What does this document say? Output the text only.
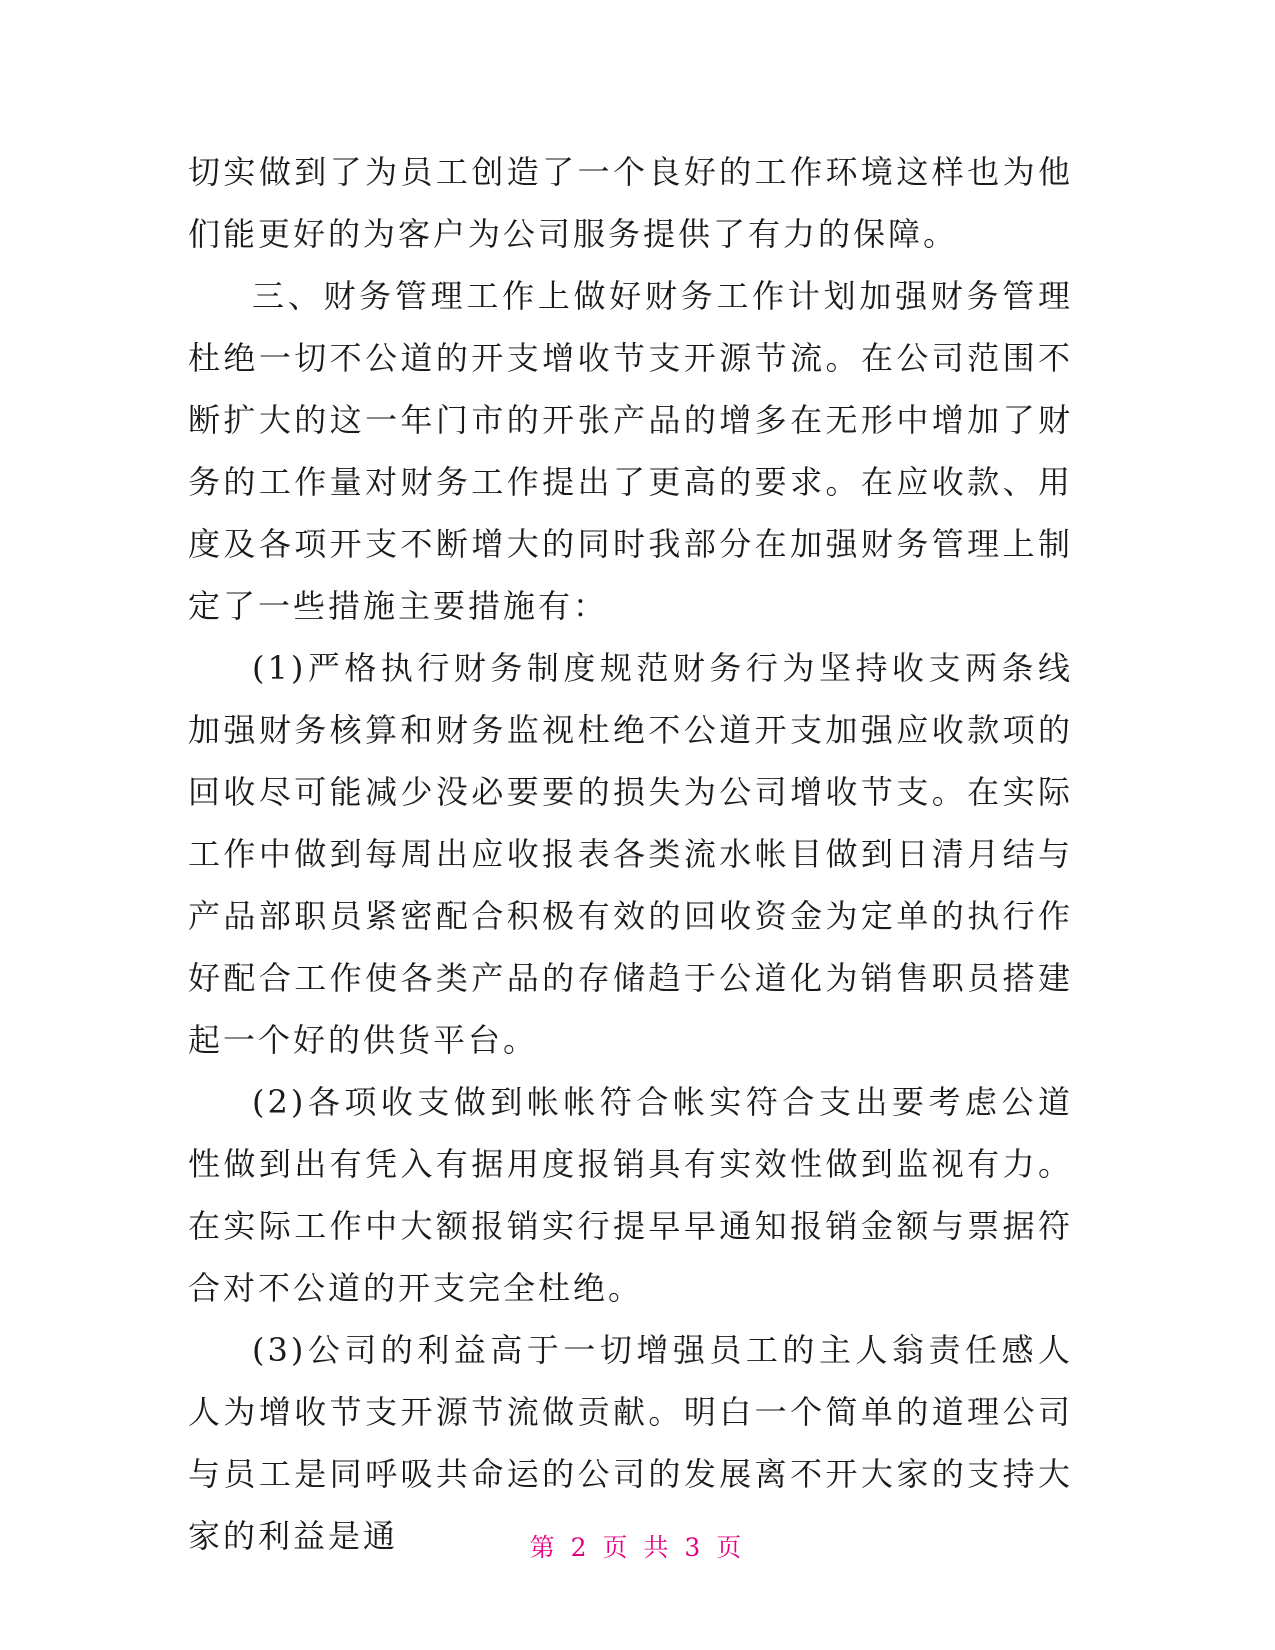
切实做到了为员工创造了一个良好的工作环境这样也为他们能更好的为客户为公司服务提供了有力的保障。

三、财务管理工作上做好财务工作计划加强财务管理杜绝一切不公道的开支增收节支开源节流。在公司范围不断扩大的这一年门市的开张产品的增多在无形中增加了财务的工作量对财务工作提出了更高的要求。在应收款、用度及各项开支不断增大的同时我部分在加强财务管理上制定了一些措施主要措施有：

(1)严格执行财务制度规范财务行为坚持收支两条线加强财务核算和财务监视杜绝不公道开支加强应收款项的回收尽可能减少没必要要的损失为公司增收节支。在实际工作中做到每周出应收报表各类流水帐目做到日清月结与产品部职员紧密配合积极有效的回收资金为定单的执行作好配合工作使各类产品的存储趋于公道化为销售职员搭建起一个好的供货平台。

(2)各项收支做到帐帐符合帐实符合支出要考虑公道性做到出有凭入有据用度报销具有实效性做到监视有力。在实际工作中大额报销实行提早早通知报销金额与票据符合对不公道的开支完全杜绝。

(3)公司的利益高于一切增强员工的主人翁责任感人人为增收节支开源节流做贡献。明白一个简单的道理公司与员工是同呼吸共命运的公司的发展离不开大家的支持大家的利益是通	第 2 页 共 3 页
